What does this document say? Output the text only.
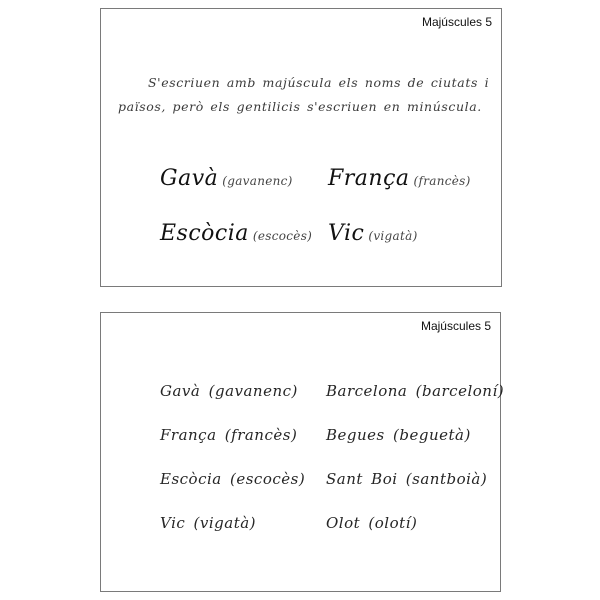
Majúscules 5

S'escriuen amb majúscula els noms de ciutats i països, però els gentilicis s'escriuen en minúscula.

Gavà (gavanenc) França (francès)
Escòcia (escocès) Vic (vigatà)
Majúscules 5
Gavà (gavanenc) Barcelona (barceloní)
França (francès) Begues (beguetà)
Escòcia (escocès) Sant Boi (santboià)
Vic (vigatà)	Olot (olotí)
